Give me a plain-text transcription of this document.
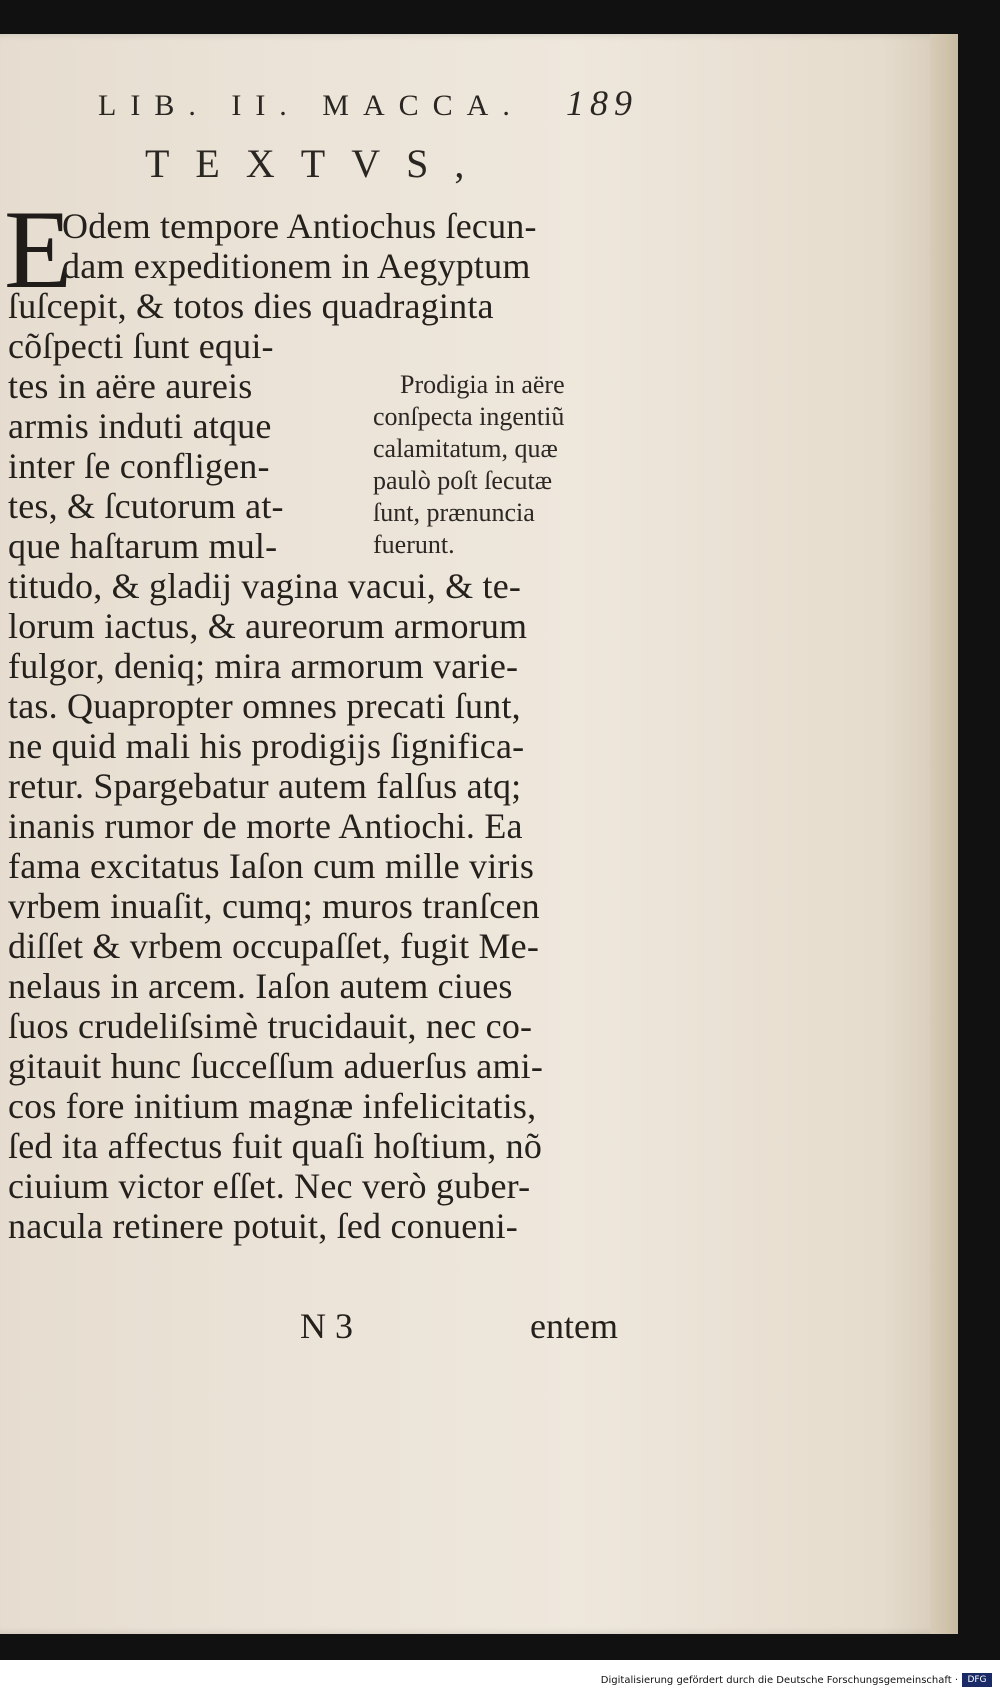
LIB. II. MACCA. 189
TEXTVS,
E
Odem tempore Antiochus ſecun-
dam expeditionem in Aegyptum
ſuſcepit, & totos dies quadraginta
cõſpecti ſunt equi-
tes in aëre aureis
armis induti atque
inter ſe confligen-
tes, & ſcutorum at-
que haſtarum mul-
titudo, & gladij vagina vacui, & te-
lorum iactus, & aureorum armorum
fulgor, deniq; mira armorum varie-
tas. Quapropter omnes precati ſunt,
ne quid mali his prodigijs ſignifica-
retur. Spargebatur autem falſus atq;
inanis rumor de morte Antiochi. Ea
fama excitatus Iaſon cum mille viris
vrbem inuaſit, cumq; muros tranſcen
diſſet & vrbem occupaſſet, fugit Me-
nelaus in arcem. Iaſon autem ciues
ſuos crudeliſsimè trucidauit, nec co-
gitauit hunc ſucceſſum aduerſus ami-
cos fore initium magnæ infelicitatis,
ſed ita affectus fuit quaſi hoſtium, nõ
ciuium victor eſſet. Nec verò guber-
nacula retinere potuit, ſed conueni-
Prodigia in aëre
conſpecta ingentiũ
calamitatum, quæ
paulò poſt ſecutæ
ſunt, prænuncia
fuerunt.
N 3	entem
Digitalisierung gefördert durch die Deutsche Forschungsgemeinschaft ·	DFG
